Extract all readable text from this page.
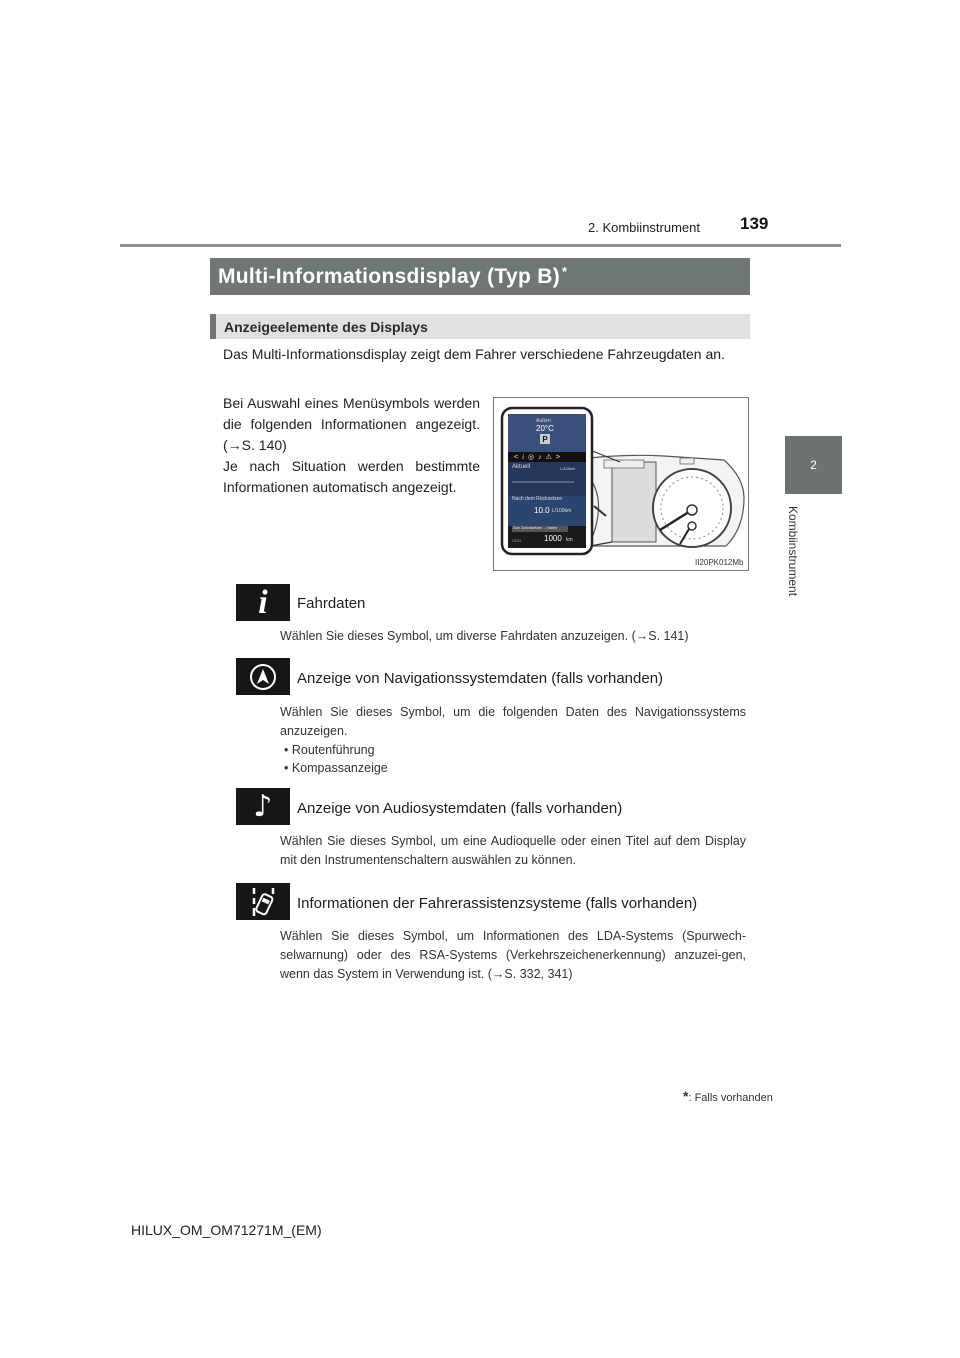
2. Kombiinstrument 139
2
Kombiinstrument
Multi-Informationsdisplay (Typ B)*
Anzeigeelemente des Displays
Das Multi-Informationsdisplay zeigt dem Fahrer verschiedene Fahrzeugdaten an.
Bei Auswahl eines Menüsymbols werden die folgenden Informationen angezeigt. (→S. 140)
Je nach Situation werden bestimmte Informationen automatisch angezeigt.
Außen
20°C
P
<i◎♪⚠>
Aktuell	L/100km
Nach dem Rücksetzen
10.0 L/100km
Zum Zurücksetzen → halten
ODO	1000 km
II20PK012Mb
i Fahrdaten
Wählen Sie dieses Symbol, um diverse Fahrdaten anzuzeigen. (→S. 141)
Anzeige von Navigationssystemdaten (falls vorhanden)
Wählen Sie dieses Symbol, um die folgenden Daten des Navigationssystems anzuzeigen.
• Routenführung
• Kompassanzeige
♪ Anzeige von Audiosystemdaten (falls vorhanden)
Wählen Sie dieses Symbol, um eine Audioquelle oder einen Titel auf dem Display mit den Instrumentenschaltern auswählen zu können.
Informationen der Fahrerassistenzsysteme (falls vorhanden)
Wählen Sie dieses Symbol, um Informationen des LDA-Systems (Spurwech-selwarnung) oder des RSA-Systems (Verkehrszeichenerkennung) anzuzei-gen, wenn das System in Verwendung ist. (→S. 332, 341)
*: Falls vorhanden
HILUX_OM_OM71271M_(EM)
